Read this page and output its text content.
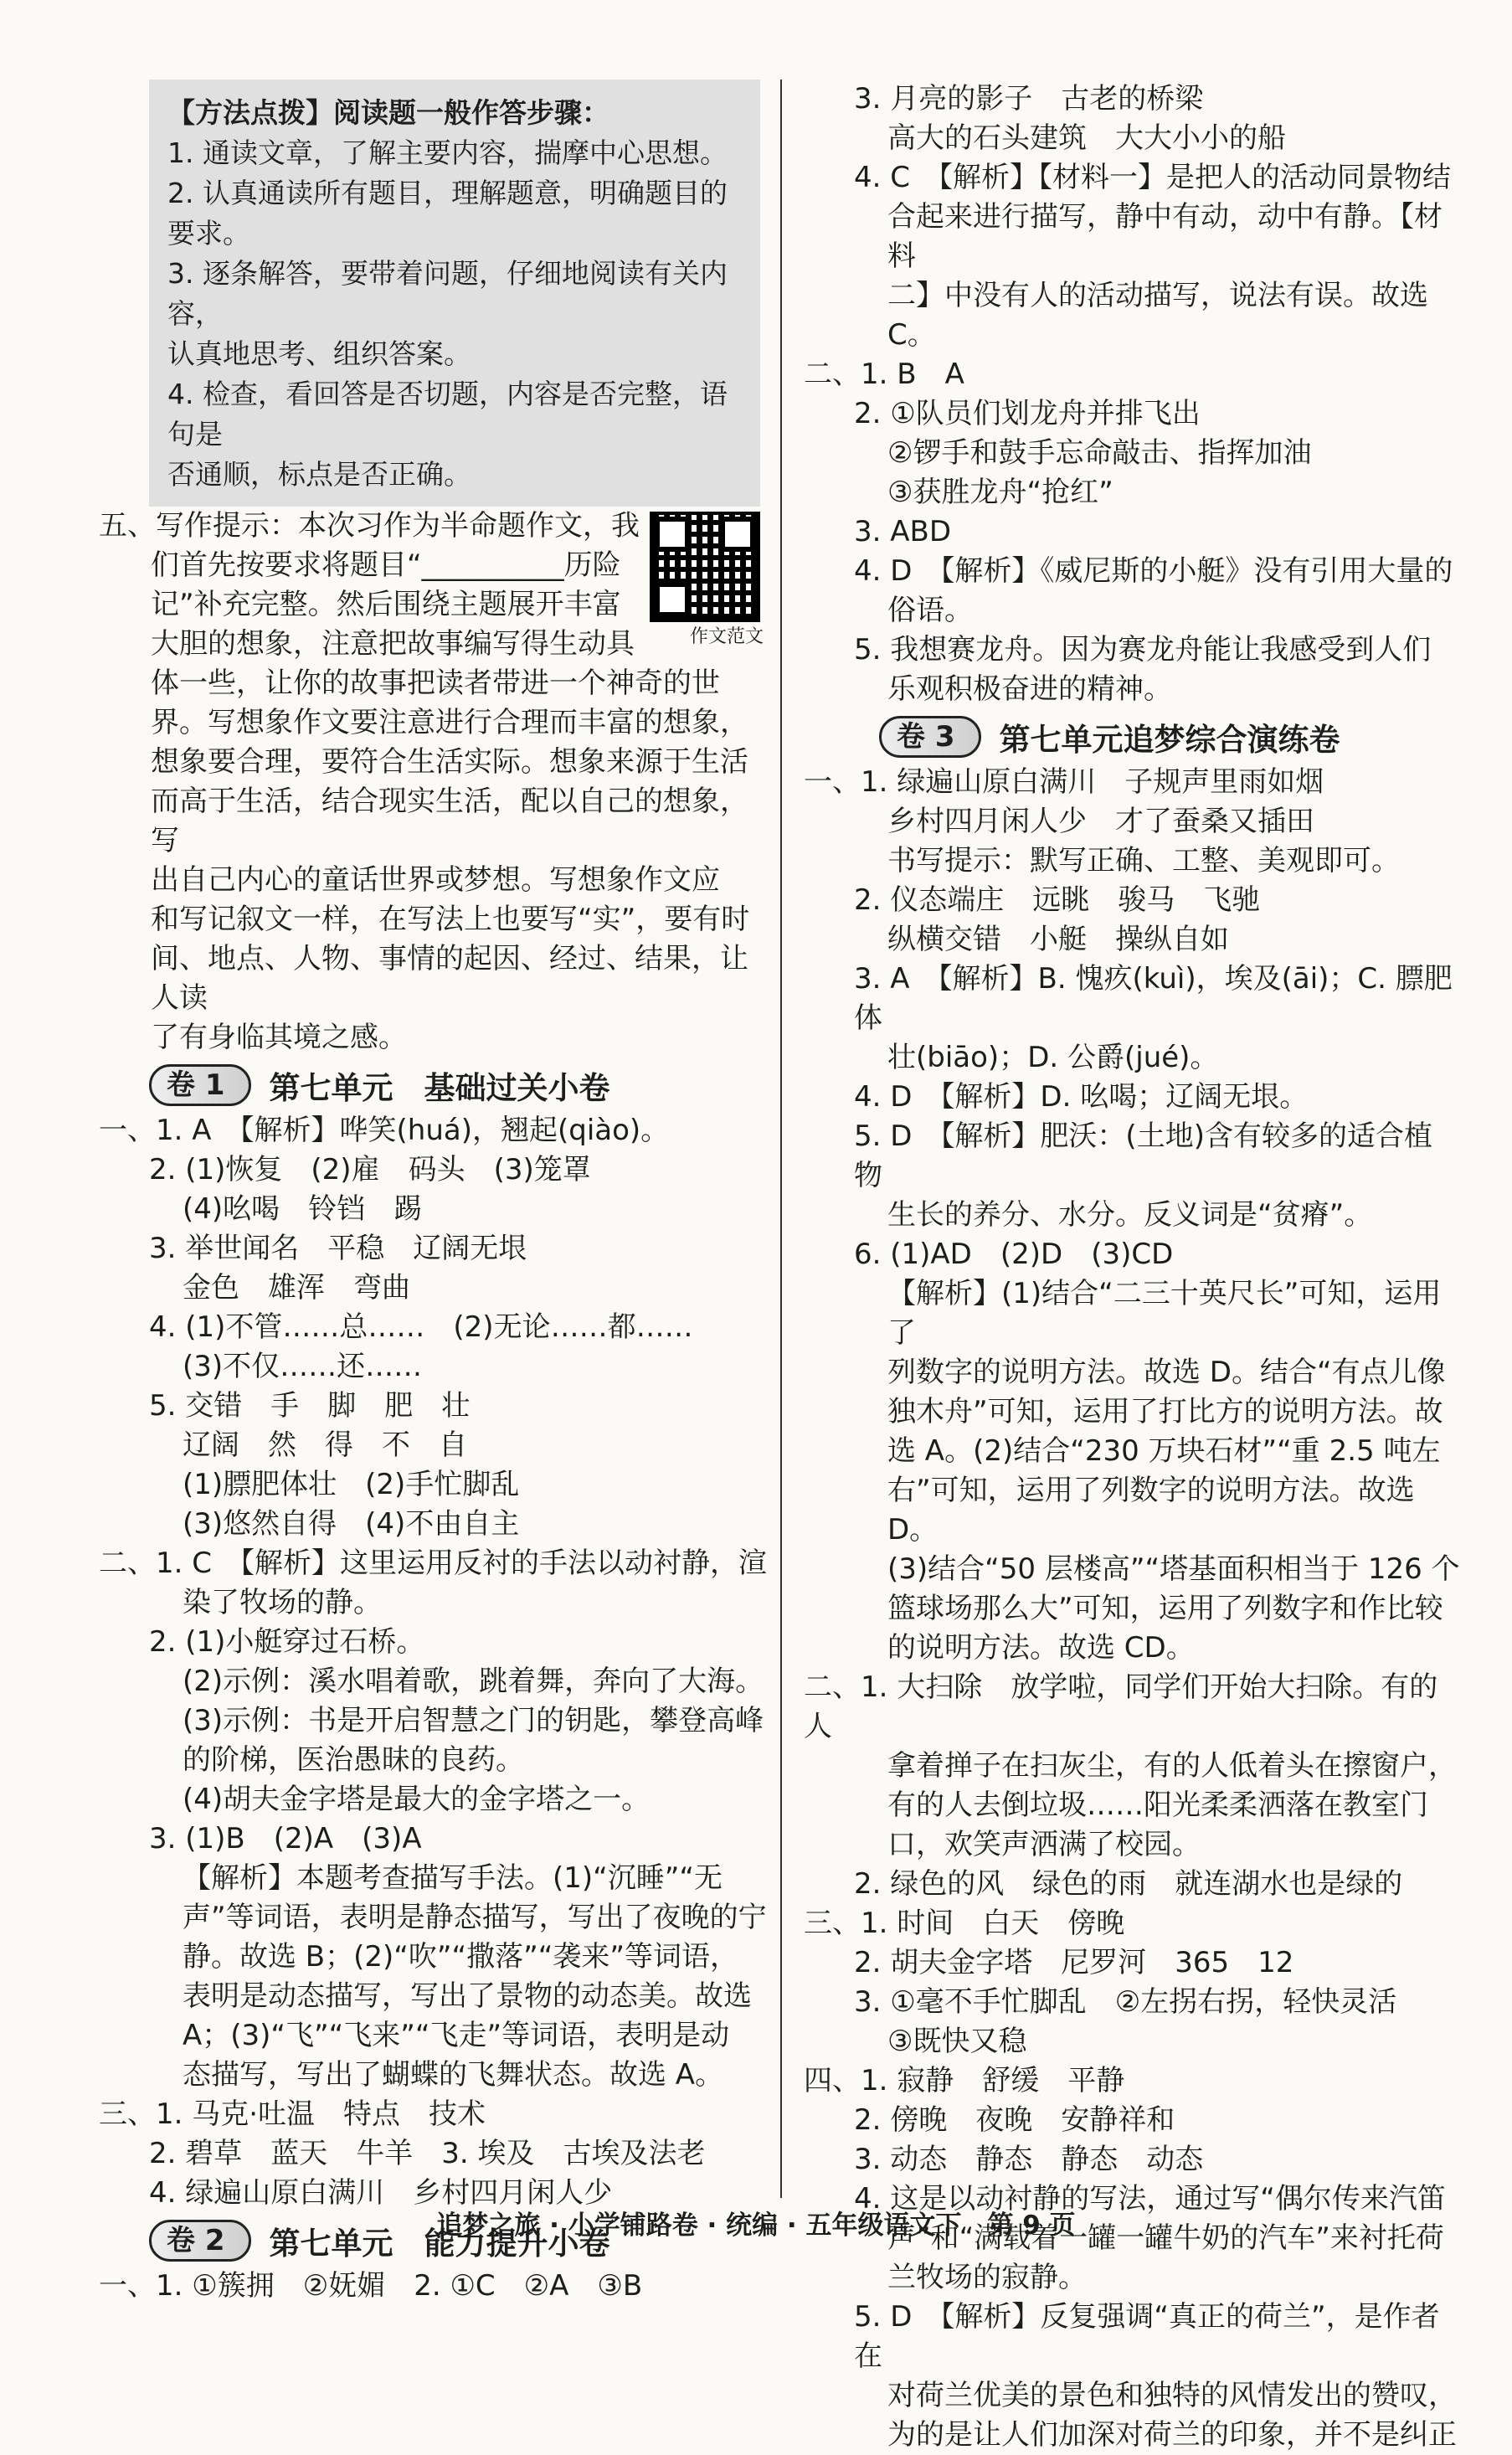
【方法点拨】阅读题一般作答步骤：
1. 通读文章，了解主要内容，揣摩中心思想。
2. 认真通读所有题目，理解题意，明确题目的要求。
3. 逐条解答，要带着问题，仔细地阅读有关内容，
认真地思考、组织答案。
4. 检查，看回答是否切题，内容是否完整，语句是
否通顺，标点是否正确。
作文范文
五、写作提示：本次习作为半命题作文，我
们首先按要求将题目“__________历险
记”补充完整。然后围绕主题展开丰富
大胆的想象，注意把故事编写得生动具
体一些，让你的故事把读者带进一个神奇的世
界。写想象作文要注意进行合理而丰富的想象，
想象要合理，要符合生活实际。想象来源于生活
而高于生活，结合现实生活，配以自己的想象，写
出自己内心的童话世界或梦想。写想象作文应
和写记叙文一样，在写法上也要写“实”，要有时
间、地点、人物、事情的起因、经过、结果，让人读
了有身临其境之感。
卷 1	第七单元　基础过关小卷
一、1. A　【解析】哗笑(huá)，翘起(qiào)。
2. (1)恢复　(2)雇　码头　(3)笼罩
(4)吆喝　铃铛　踢
3. 举世闻名　平稳　辽阔无垠
金色　雄浑　弯曲
4. (1)不管……总……　(2)无论……都……
(3)不仅……还……
5. 交错　手　脚　肥　壮
辽阔　然　得　不　自
(1)膘肥体壮　(2)手忙脚乱
(3)悠然自得　(4)不由自主
二、1. C　【解析】这里运用反衬的手法以动衬静，渲
染了牧场的静。
2. (1)小艇穿过石桥。
(2)示例：溪水唱着歌，跳着舞，奔向了大海。
(3)示例：书是开启智慧之门的钥匙，攀登高峰
的阶梯，医治愚昧的良药。
(4)胡夫金字塔是最大的金字塔之一。
3. (1)B　(2)A　(3)A
【解析】本题考查描写手法。(1)“沉睡”“无
声”等词语，表明是静态描写，写出了夜晚的宁
静。故选 B；(2)“吹”“撒落”“袭来”等词语，
表明是动态描写，写出了景物的动态美。故选
A；(3)“飞”“飞来”“飞走”等词语，表明是动
态描写，写出了蝴蝶的飞舞状态。故选 A。
三、1. 马克·吐温　特点　技术
2. 碧草　蓝天　牛羊　3. 埃及　古埃及法老
4. 绿遍山原白满川　乡村四月闲人少
卷 2	第七单元　能力提升小卷
一、1. ①簇拥　②妩媚　2. ①C　②A　③B
3. 月亮的影子　古老的桥梁
高大的石头建筑　大大小小的船
4. C　【解析】【材料一】是把人的活动同景物结
合起来进行描写，静中有动，动中有静。【材料
二】中没有人的活动描写，说法有误。故选 C。
二、1. B　A
2. ①队员们划龙舟并排飞出
②锣手和鼓手忘命敲击、指挥加油
③获胜龙舟“抢红”
3. ABD
4. D　【解析】《威尼斯的小艇》没有引用大量的
俗语。
5. 我想赛龙舟。因为赛龙舟能让我感受到人们
乐观积极奋进的精神。
卷 3	第七单元追梦综合演练卷
一、1. 绿遍山原白满川　子规声里雨如烟
乡村四月闲人少　才了蚕桑又插田
书写提示：默写正确、工整、美观即可。
2. 仪态端庄　远眺　骏马　飞驰
纵横交错　小艇　操纵自如
3. A　【解析】B. 愧疚(kuì)，埃及(āi)；C. 膘肥体
壮(biāo)；D. 公爵(jué)。
4. D　【解析】D. 吆喝；辽阔无垠。
5. D　【解析】肥沃：(土地)含有较多的适合植物
生长的养分、水分。反义词是“贫瘠”。
6. (1)AD　(2)D　(3)CD
【解析】(1)结合“二三十英尺长”可知，运用了
列数字的说明方法。故选 D。结合“有点儿像
独木舟”可知，运用了打比方的说明方法。故
选 A。(2)结合“230 万块石材”“重 2.5 吨左
右”可知，运用了列数字的说明方法。故选 D。
(3)结合“50 层楼高”“塔基面积相当于 126 个
篮球场那么大”可知，运用了列数字和作比较
的说明方法。故选 CD。
二、1. 大扫除　放学啦，同学们开始大扫除。有的人
拿着掸子在扫灰尘，有的人低着头在擦窗户，
有的人去倒垃圾……阳光柔柔洒落在教室门
口，欢笑声洒满了校园。
2. 绿色的风　绿色的雨　就连湖水也是绿的
三、1. 时间　白天　傍晚
2. 胡夫金字塔　尼罗河　365　12
3. ①毫不手忙脚乱　②左拐右拐，轻快灵活
③既快又稳
四、1. 寂静　舒缓　平静
2. 傍晚　夜晚　安静祥和
3. 动态　静态　静态　动态
4. 这是以动衬静的写法，通过写“偶尔传来汽笛
声”和“满载着一罐一罐牛奶的汽车”来衬托荷
兰牧场的寂静。
5. D　【解析】反复强调“真正的荷兰”，是作者在
对荷兰优美的景色和独特的风情发出的赞叹，
为的是让人们加深对荷兰的印象，并不是纠正
追梦之旅 · 小学铺路卷 · 统编 · 五年级语文下　第 9 页
